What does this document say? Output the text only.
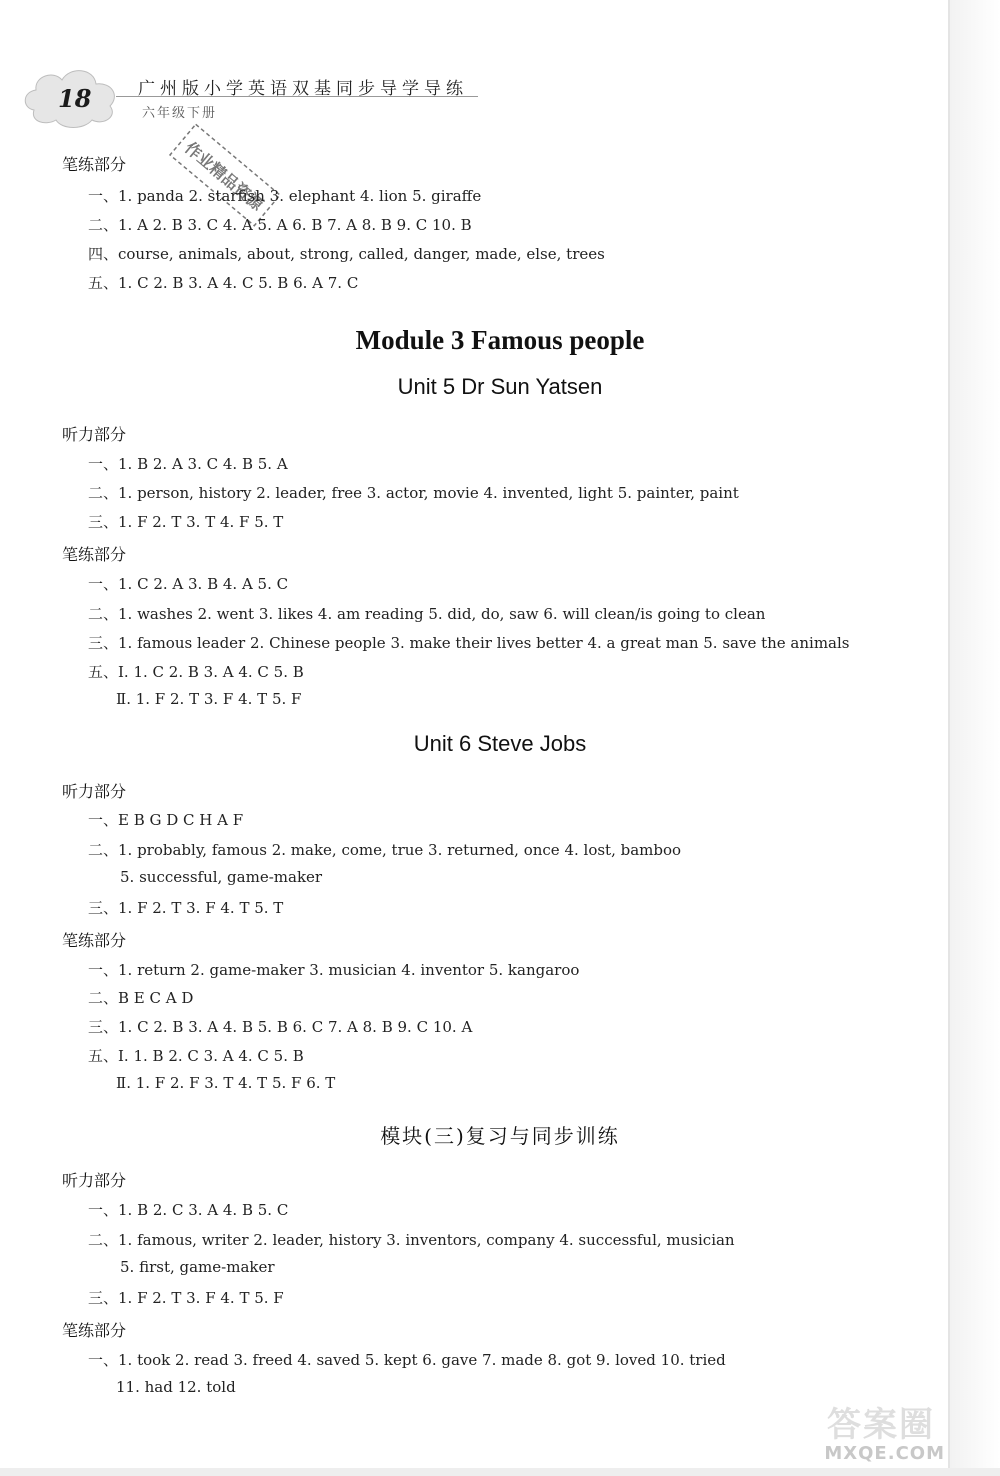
18	广州版小学英语双基同步导学导练
六年级下册
作业精品资源
笔练部分
一、1. panda 2. starfish 3. elephant 4. lion 5. giraffe
二、1. A 2. B 3. C 4. A 5. A 6. B 7. A 8. B 9. C 10. B
四、course, animals, about, strong, called, danger, made, else, trees
五、1. C 2. B 3. A 4. C 5. B 6. A 7. C
Module 3 Famous people
Unit 5 Dr Sun Yatsen
听力部分
一、1. B 2. A 3. C 4. B 5. A
二、1. person, history 2. leader, free 3. actor, movie 4. invented, light 5. painter, paint
三、1. F 2. T 3. T 4. F 5. T
笔练部分
一、1. C 2. A 3. B 4. A 5. C
二、1. washes 2. went 3. likes 4. am reading 5. did, do, saw 6. will clean/is going to clean
三、1. famous leader 2. Chinese people 3. make their lives better 4. a great man 5. save the animals
五、Ⅰ. 1. C 2. B 3. A 4. C 5. B
Ⅱ. 1. F 2. T 3. F 4. T 5. F
Unit 6 Steve Jobs
听力部分
一、E B G D C H A F
二、1. probably, famous 2. make, come, true 3. returned, once 4. lost, bamboo
5. successful, game-maker
三、1. F 2. T 3. F 4. T 5. T
笔练部分
一、1. return 2. game-maker 3. musician 4. inventor 5. kangaroo
二、B E C A D
三、1. C 2. B 3. A 4. B 5. B 6. C 7. A 8. B 9. C 10. A
五、Ⅰ. 1. B 2. C 3. A 4. C 5. B
Ⅱ. 1. F 2. F 3. T 4. T 5. F 6. T
模块(三)复习与同步训练
听力部分
一、1. B 2. C 3. A 4. B 5. C
二、1. famous, writer 2. leader, history 3. inventors, company 4. successful, musician
5. first, game-maker
三、1. F 2. T 3. F 4. T 5. F
笔练部分
一、1. took 2. read 3. freed 4. saved 5. kept 6. gave 7. made 8. got 9. loved 10. tried
11. had 12. told
答案圈
MXQE.COM
